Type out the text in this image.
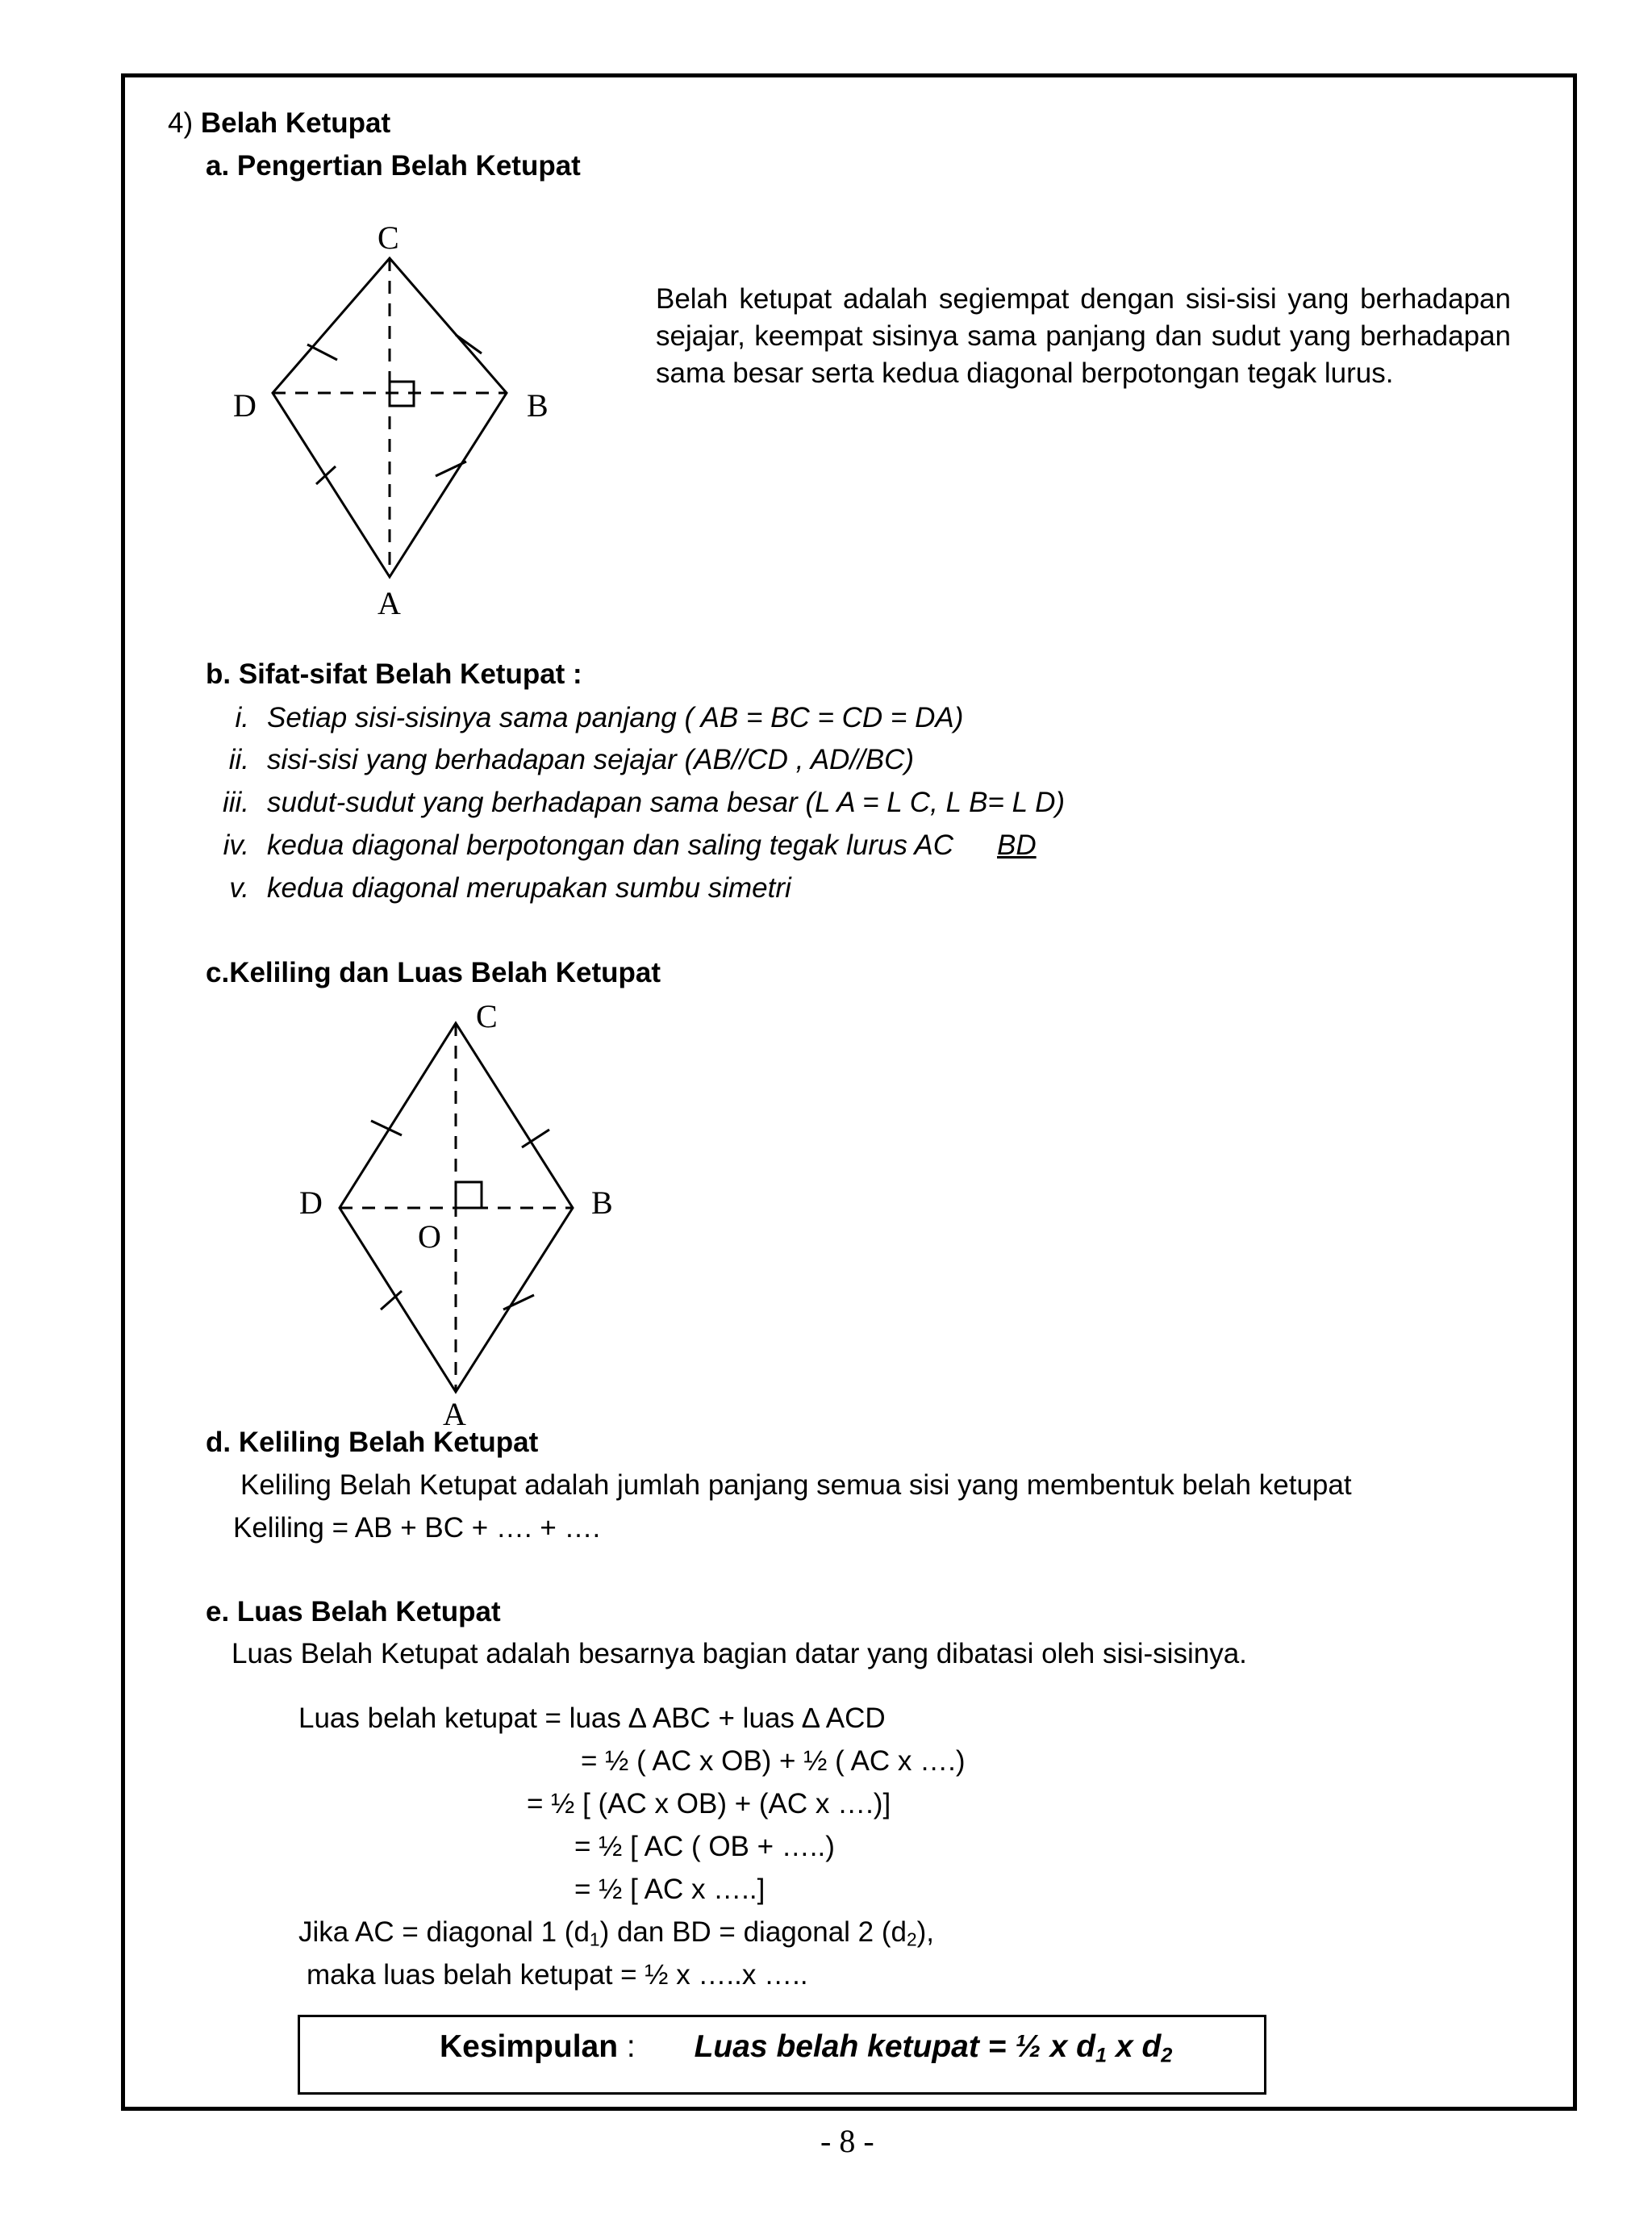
4) Belah Ketupat
a. Pengertian Belah Ketupat
C
D	B
A
Belah ketupat adalah segiempat dengan sisi-sisi yang berhadapan sejajar, keempat sisinya sama panjang dan sudut yang berhadapan sama besar serta kedua diagonal berpotongan tegak lurus.
b. Sifat-sifat Belah Ketupat :
i. Setiap sisi-sisinya sama panjang ( AB = BC = CD = DA)
ii. sisi-sisi yang berhadapan sejajar (AB//CD , AD//BC)
iii. sudut-sudut yang berhadapan sama besar (L A = L C, L B= L D)
iv. kedua diagonal berpotongan dan saling tegak lurus AC BD
v. kedua diagonal merupakan sumbu simetri
c.Keliling dan Luas Belah Ketupat
C
D	B
O
A
d. Keliling Belah Ketupat
Keliling Belah Ketupat adalah jumlah panjang semua sisi yang membentuk belah ketupat
Keliling = AB + BC + …. + ….
e. Luas Belah Ketupat
Luas Belah Ketupat adalah besarnya bagian datar yang dibatasi oleh sisi-sisinya.
Luas belah ketupat = luas ∆ ABC + luas ∆ ACD
= ½ ( AC x OB) + ½ ( AC x ….)
= ½ [ (AC x OB) + (AC x ….)]
= ½ [ AC ( OB + …..)
= ½ [ AC x …..]
Jika AC = diagonal 1 $(d_1)$ dan BD = diagonal 2 $(d_2)$,
maka luas belah ketupat = ½ x …..x …..
Kesimpulan : Luas belah ketupat = ½ x $d_1$ x $d_2$
- 8 -
